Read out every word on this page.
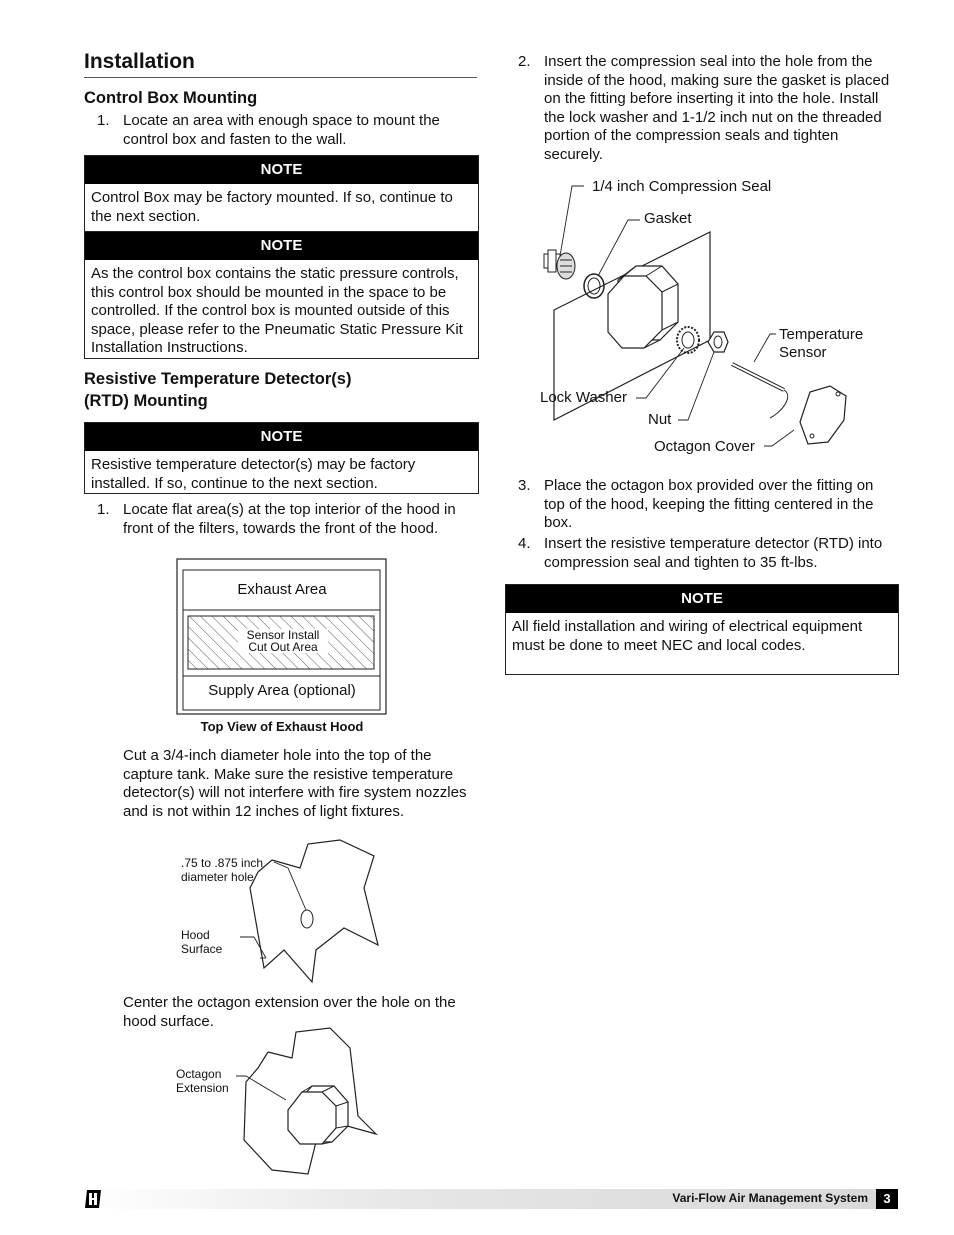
Installation
Control Box Mounting
1. Locate an area with enough space to mount the control box and fasten to the wall.
NOTE
Control Box may be factory mounted. If so, continue to the next section.
NOTE
As the control box contains the static pressure controls, this control box should be mounted in the space to be controlled. If the control box is mounted outside of this space, please refer to the Pneumatic Static Pressure Kit Installation Instructions.
Resistive Temperature Detector(s)
(RTD) Mounting
NOTE
Resistive temperature detector(s) may be factory installed. If so, continue to the next section.
1. Locate flat area(s) at the top interior of the hood in front of the filters, towards the front of the hood.
Exhaust Area
Sensor Install
Cut Out Area
Supply Area (optional)
Top View of Exhaust Hood
Cut a 3/4-inch diameter hole into the top of the capture tank. Make sure the resistive temperature detector(s) will not interfere with fire system nozzles and is not within 12 inches of light fixtures.
.75 to .875 inch
diameter hole
Hood
Surface
Center the octagon extension over the hole on the hood surface.
Octagon
Extension
2. Insert the compression seal into the hole from the inside of the hood, making sure the gasket is placed on the fitting before inserting it into the hole. Install the lock washer and 1-1/2 inch nut on the threaded portion of the compression seals and tighten securely.
1/4 inch Compression Seal
Gasket
Temperature
Sensor
Lock Washer
Nut
Octagon Cover
3. Place the octagon box provided over the fitting on top of the hood, keeping the fitting centered in the box.
4. Insert the resistive temperature detector (RTD) into compression seal and tighten to 35 ft-lbs.
NOTE
All field installation and wiring of electrical equipment must be done to meet NEC and local codes.
Vari-Flow Air Management System	3
